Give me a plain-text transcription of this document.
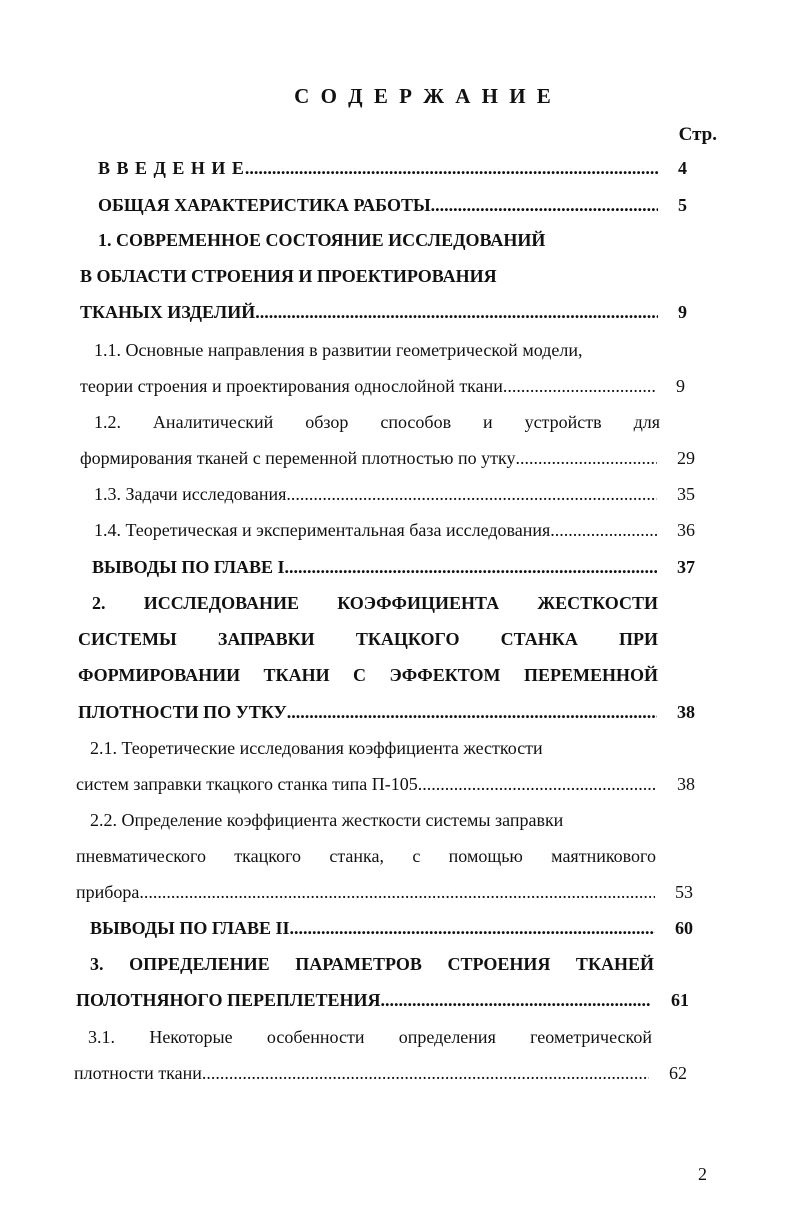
С О Д Е Р Ж А Н И Е
Стр.
В В Е Д Е Н И Е .....	4
ОБЩАЯ ХАРАКТЕРИСТИКА РАБОТЫ .....	5
1. СОВРЕМЕННОЕ СОСТОЯНИЕ ИССЛЕДОВАНИЙ
В ОБЛАСТИ СТРОЕНИЯ И ПРОЕКТИРОВАНИЯ
ТКАНЫХ ИЗДЕЛИЙ .....	9
1.1. Основные направления в развитии геометрической модели,
теории строения и проектирования однослойной ткани .....	9
1.2. Аналитический обзор способов и устройств для
формирования тканей с переменной плотностью по утку .....	29
1.3. Задачи исследования .....	35
1.4. Теоретическая и экспериментальная база исследования .....	36
ВЫВОДЫ ПО ГЛАВЕ I .....	37
2. ИССЛЕДОВАНИЕ КОЭФФИЦИЕНТА ЖЕСТКОСТИ
СИСТЕМЫ ЗАПРАВКИ ТКАЦКОГО СТАНКА ПРИ
ФОРМИРОВАНИИ ТКАНИ С ЭФФЕКТОМ ПЕРЕМЕННОЙ
ПЛОТНОСТИ ПО УТКУ .....	38
2.1. Теоретические исследования коэффициента жесткости
систем заправки ткацкого станка типа П-105 .....	38
2.2. Определение коэффициента жесткости системы заправки
пневматического ткацкого станка, с помощью маятникового
прибора .....	53
ВЫВОДЫ ПО ГЛАВЕ II .....	60
3. ОПРЕДЕЛЕНИЕ ПАРАМЕТРОВ СТРОЕНИЯ ТКАНЕЙ
ПОЛОТНЯНОГО ПЕРЕПЛЕТЕНИЯ .....	61
3.1. Некоторые особенности определения геометрической
плотности ткани .....	62
2
